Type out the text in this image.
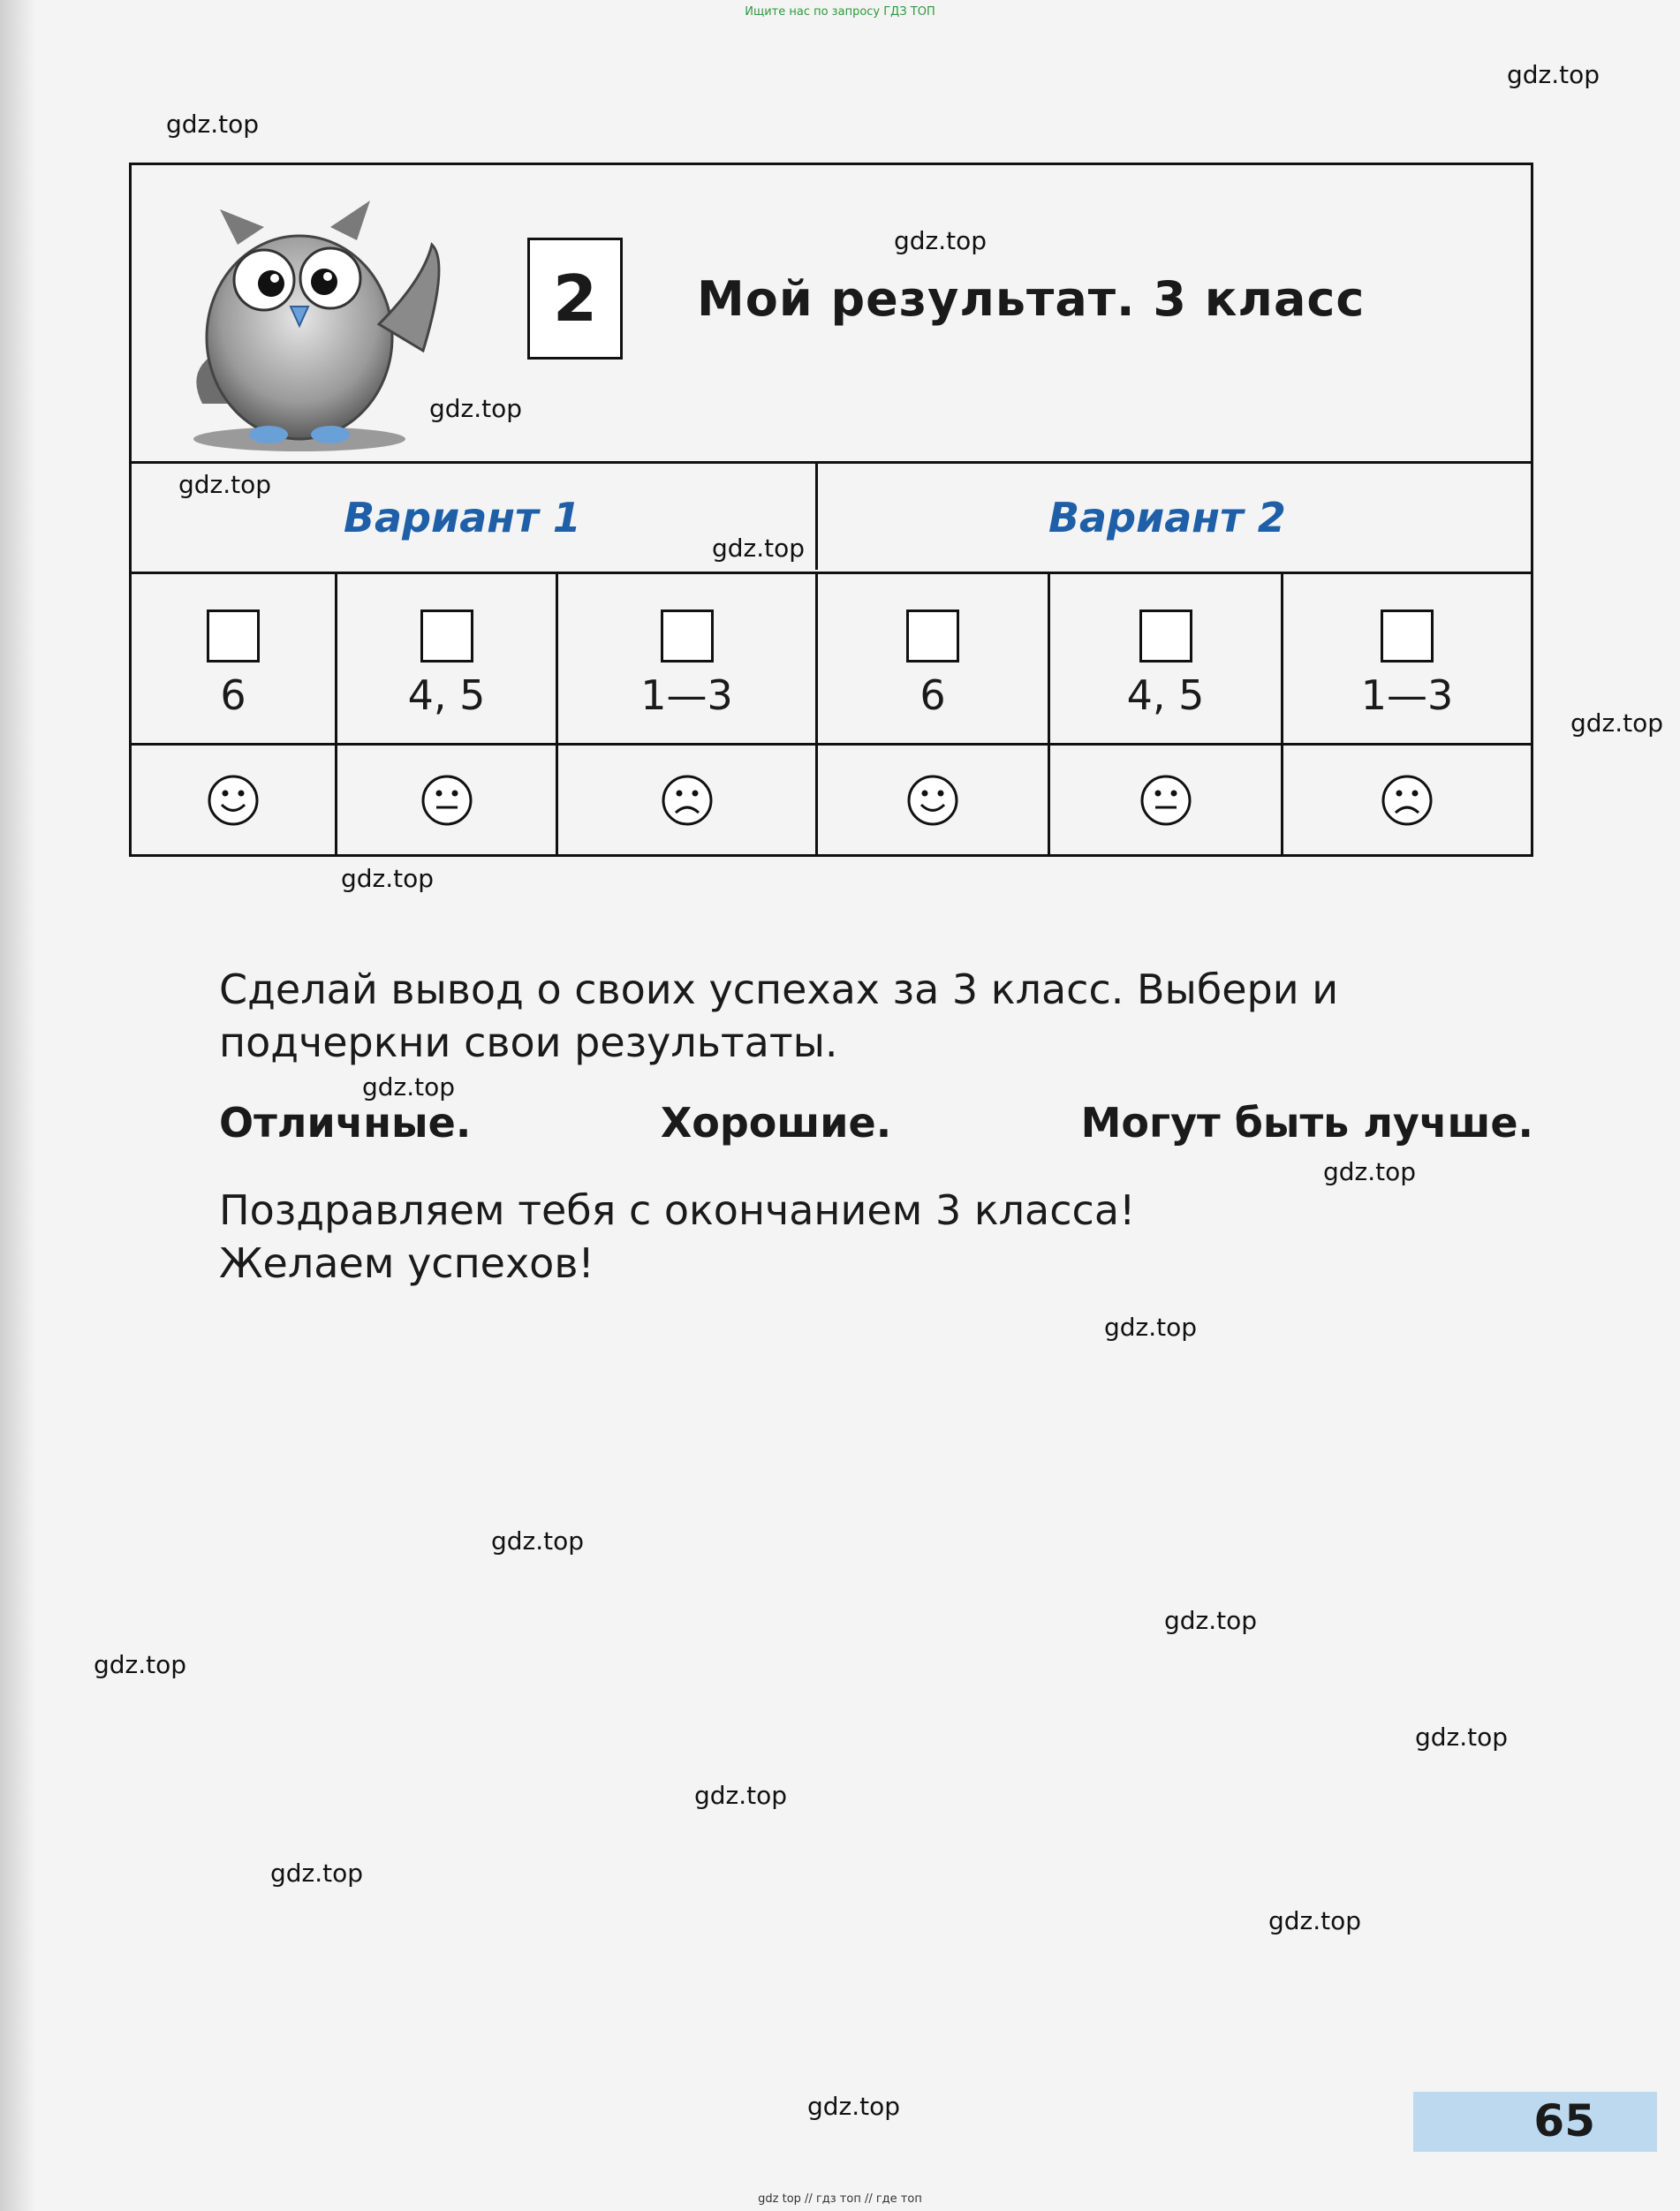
Ищите нас по запросу ГДЗ ТОП
gdz.top
gdz.top
gdz.top
gdz.top
gdz.top
gdz.top
gdz.top
gdz.top
gdz.top
gdz.top
gdz.top
gdz.top
gdz.top
gdz.top
gdz.top
gdz.top
gdz.top
gdz.top
gdz.top
2	Мой результат. 3 класс
Вариант 1	Вариант 2
6	4, 5	1—3	6	4, 5	1—3
Сделай вывод о своих успехах за 3 класс. Выбери и
подчеркни свои результаты.
Отличные.	Хорошие.	Могут быть лучше.
Поздравляем тебя с окончанием 3 класса!
Желаем успехов!
65
gdz top // гдз топ // где топ
